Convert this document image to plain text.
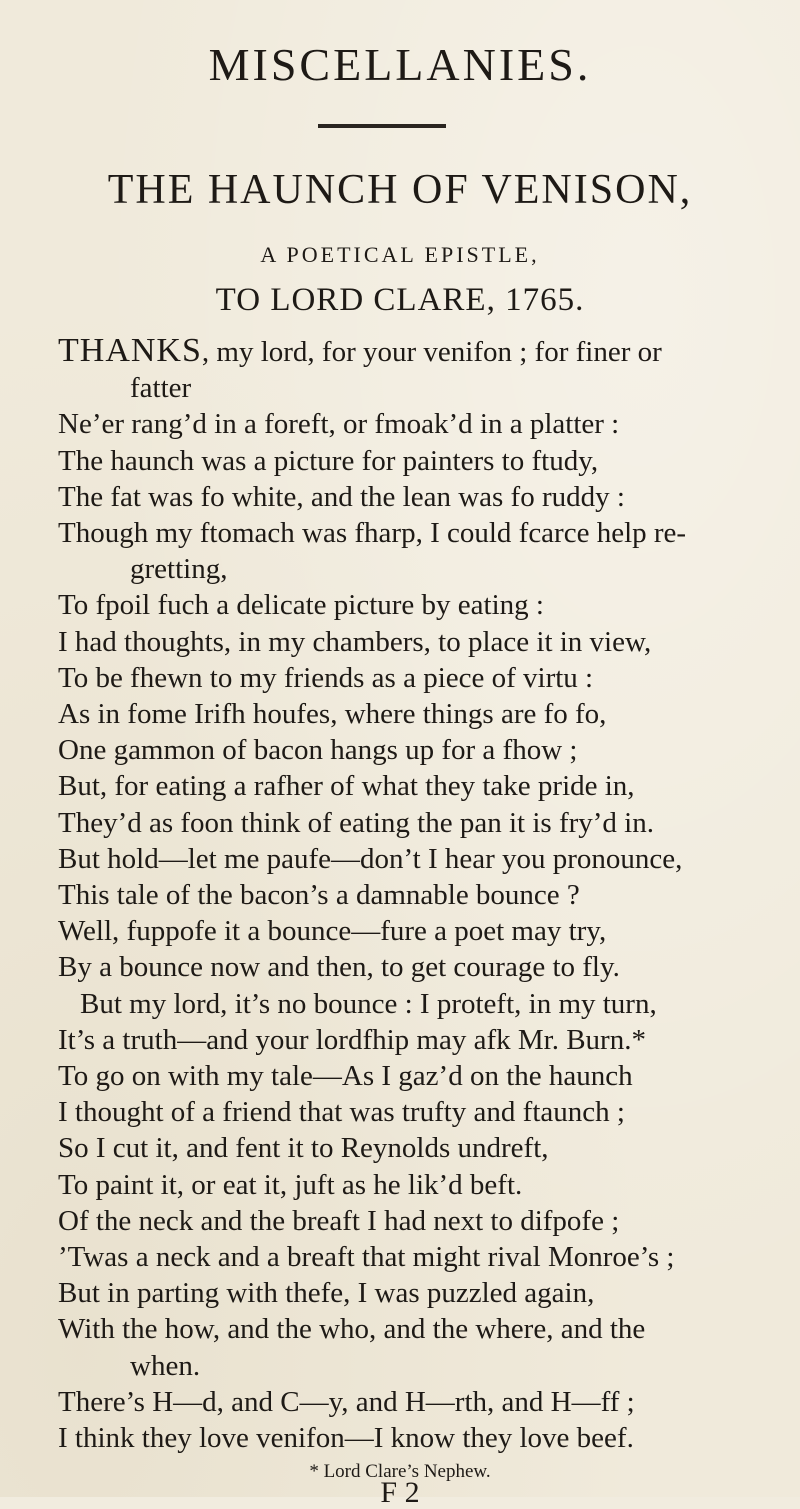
MISCELLANIES.
THE HAUNCH OF VENISON,
A POETICAL EPISTLE,
TO LORD CLARE, 1765.

THANKS, my lord, for your venifon ; for finer or

fatter

Ne’er rang’d in a foreft, or fmoak’d in a platter :

The haunch was a picture for painters to ftudy,

The fat was fo white, and the lean was fo ruddy :

Though my ftomach was fharp, I could fcarce help re-

gretting,

To fpoil fuch a delicate picture by eating :

I had thoughts, in my chambers, to place it in view,

To be fhewn to my friends as a piece of virtu :

As in fome Irifh houfes, where things are fo fo,

One gammon of bacon hangs up for a fhow ;

But, for eating a rafher of what they take pride in,

They’d as foon think of eating the pan it is fry’d in.

But hold—let me paufe—don’t I hear you pronounce,

This tale of the bacon’s a damnable bounce ?

Well, fuppofe it a bounce—fure a poet may try,

By a bounce now and then, to get courage to fly.

But my lord, it’s no bounce : I proteft, in my turn,

It’s a truth—and your lordfhip may afk Mr. Burn.*

To go on with my tale—As I gaz’d on the haunch

I thought of a friend that was trufty and ftaunch ;

So I cut it, and fent it to Reynolds undreft,

To paint it, or eat it, juft as he lik’d beft.

Of the neck and the breaft I had next to difpofe ;

’Twas a neck and a breaft that might rival Monroe’s ;

But in parting with thefe, I was puzzled again,

With the how, and the who, and the where, and the

when.

There’s H—d, and C—y, and H—rth, and H—ff ;

I think they love venifon—I know they love beef.

* Lord Clare’s Nephew.
F 2
